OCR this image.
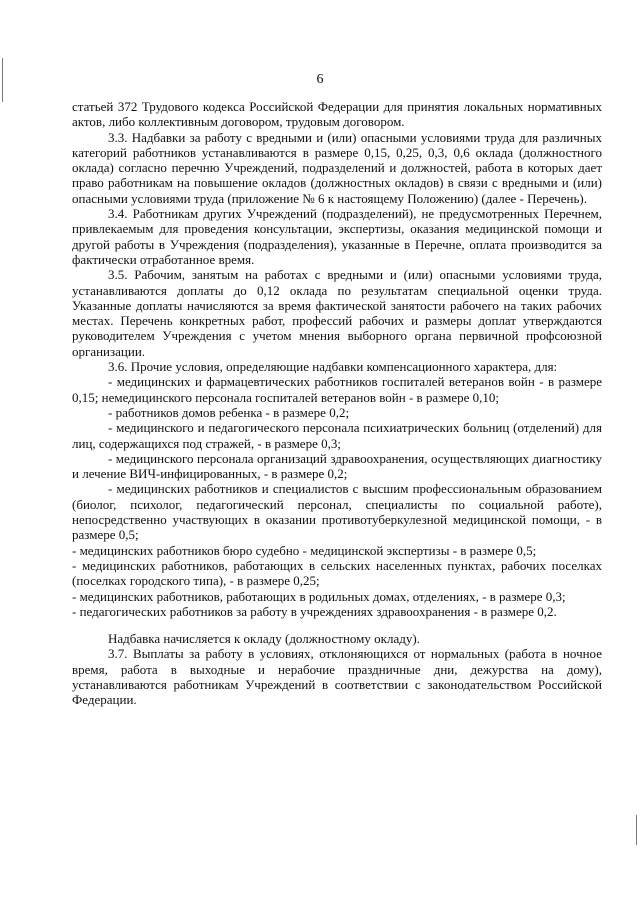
6

статьей 372 Трудового кодекса Российской Федерации для принятия локальных нормативных актов, либо коллективным договором, трудовым договором.

3.3. Надбавки за работу с вредными и (или) опасными условиями труда для различных категорий работников устанавливаются в размере 0,15, 0,25, 0,3, 0,6 оклада (должностного оклада) согласно перечню Учреждений, подразделений и должностей, работа в которых дает право работникам на повышение окладов (должностных окладов) в связи с вредными и (или) опасными условиями труда (приложение № 6 к настоящему Положению) (далее - Перечень).

3.4. Работникам других Учреждений (подразделений), не предусмотренных Перечнем, привлекаемым для проведения консультации, экспертизы, оказания медицинской помощи и другой работы в Учреждения (подразделения), указанные в Перечне, оплата производится за фактически отработанное время.

3.5. Рабочим, занятым на работах с вредными и (или) опасными условиями труда, устанавливаются доплаты до 0,12 оклада по результатам специальной оценки труда. Указанные доплаты начисляются за время фактической занятости рабочего на таких рабочих местах. Перечень конкретных работ, профессий рабочих и размеры доплат утверждаются руководителем Учреждения с учетом мнения выборного органа первичной профсоюзной организации.

3.6. Прочие условия, определяющие надбавки компенсационного характера, для:

- медицинских и фармацевтических работников госпиталей ветеранов войн - в размере 0,15; немедицинского персонала госпиталей ветеранов войн - в размере 0,10;

- работников домов ребенка - в размере 0,2;

- медицинского и педагогического персонала психиатрических больниц (отделений) для лиц, содержащихся под стражей, - в размере 0,3;

- медицинского персонала организаций здравоохранения, осуществляющих диагностику и лечение ВИЧ-инфицированных, - в размере 0,2;

- медицинских работников и специалистов с высшим профессиональным образованием (биолог, психолог, педагогический персонал, специалисты по социальной работе), непосредственно участвующих в оказании противотуберкулезной медицинской помощи, - в размере 0,5;

- медицинских работников бюро судебно - медицинской экспертизы - в размере 0,5;

- медицинских работников, работающих в сельских населенных пунктах, рабочих поселках (поселках городского типа), - в размере 0,25;

- медицинских работников, работающих в родильных домах, отделениях, - в размере 0,3;

- педагогических работников за работу в учреждениях здравоохранения - в размере 0,2.

Надбавка начисляется к окладу (должностному окладу).

3.7. Выплаты за работу в условиях, отклоняющихся от нормальных (работа в ночное время, работа в выходные и нерабочие праздничные дни, дежурства на дому), устанавливаются работникам Учреждений в соответствии с законодательством Российской Федерации.
